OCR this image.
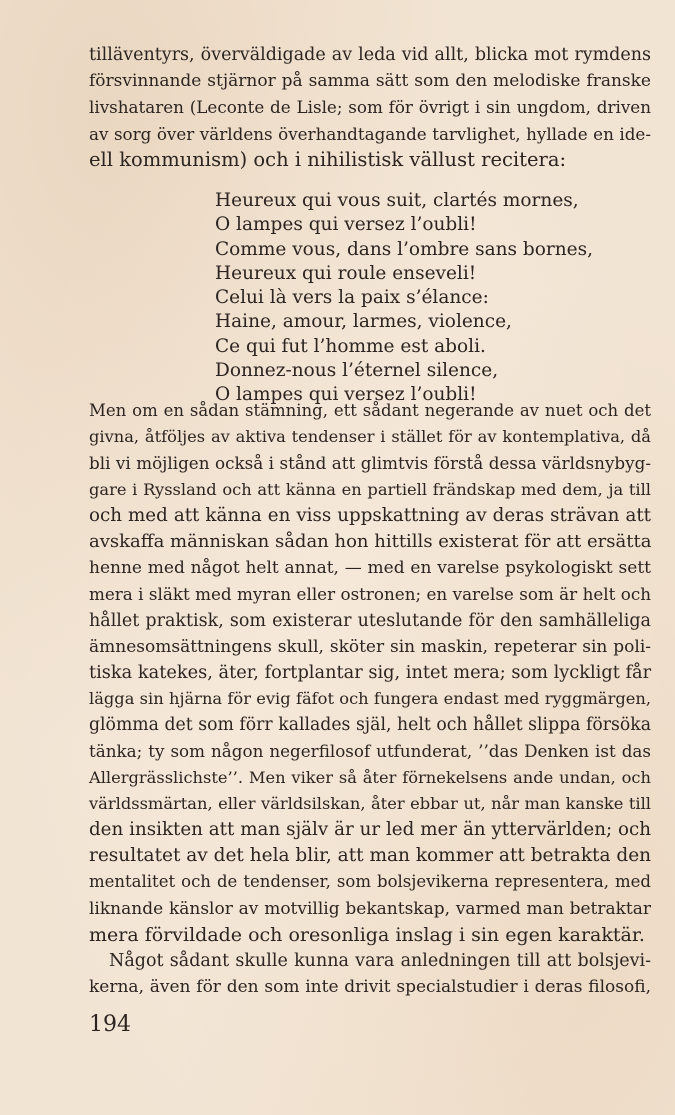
tilläventyrs, överväldigade av leda vid allt, blicka mot rymdens
försvinnande stjärnor på samma sätt som den melodiske franske
livshataren (Leconte de Lisle; som för övrigt i sin ungdom, driven
av sorg över världens överhandtagande tarvlighet, hyllade en ide-
ell kommunism) och i nihilistisk vällust recitera:
Heureux qui vous suit, clartés mornes,
O lampes qui versez l’oubli!
Comme vous, dans l’ombre sans bornes,
Heureux qui roule enseveli!
Celui là vers la paix s’élance:
Haine, amour, larmes, violence,
Ce qui fut l’homme est aboli.
Donnez-nous l’éternel silence,
O lampes qui versez l’oubli!
Men om en sådan stämning, ett sådant negerande av nuet och det
givna, åtföljes av aktiva tendenser i stället för av kontemplativa, då
bli vi möjligen också i stånd att glimtvis förstå dessa världsnybyg-
gare i Ryssland och att känna en partiell frändskap med dem, ja till
och med att känna en viss uppskattning av deras strävan att
avskaffa människan sådan hon hittills existerat för att ersätta
henne med något helt annat, — med en varelse psykologiskt sett
mera i släkt med myran eller ostronen; en varelse som är helt och
hållet praktisk, som existerar uteslutande för den samhälleliga
ämnesomsättningens skull, sköter sin maskin, repeterar sin poli-
tiska katekes, äter, fortplantar sig, intet mera; som lyckligt får
lägga sin hjärna för evig fäfot och fungera endast med ryggmärgen,
glömma det som förr kallades själ, helt och hållet slippa försöka
tänka; ty som någon negerfilosof utfunderat, ’’das Denken ist das
Allergrässlichste’’. Men viker så åter förnekelsens ande undan, och
världssmärtan, eller världsilskan, åter ebbar ut, når man kanske till
den insikten att man själv är ur led mer än yttervärlden; och
resultatet av det hela blir, att man kommer att betrakta den
mentalitet och de tendenser, som bolsjevikerna representera, med
liknande känslor av motvillig bekantskap, varmed man betraktar
mera förvildade och oresonliga inslag i sin egen karaktär.
Något sådant skulle kunna vara anledningen till att bolsjevi-
kerna, även för den som inte drivit specialstudier i deras filosofi,
194
